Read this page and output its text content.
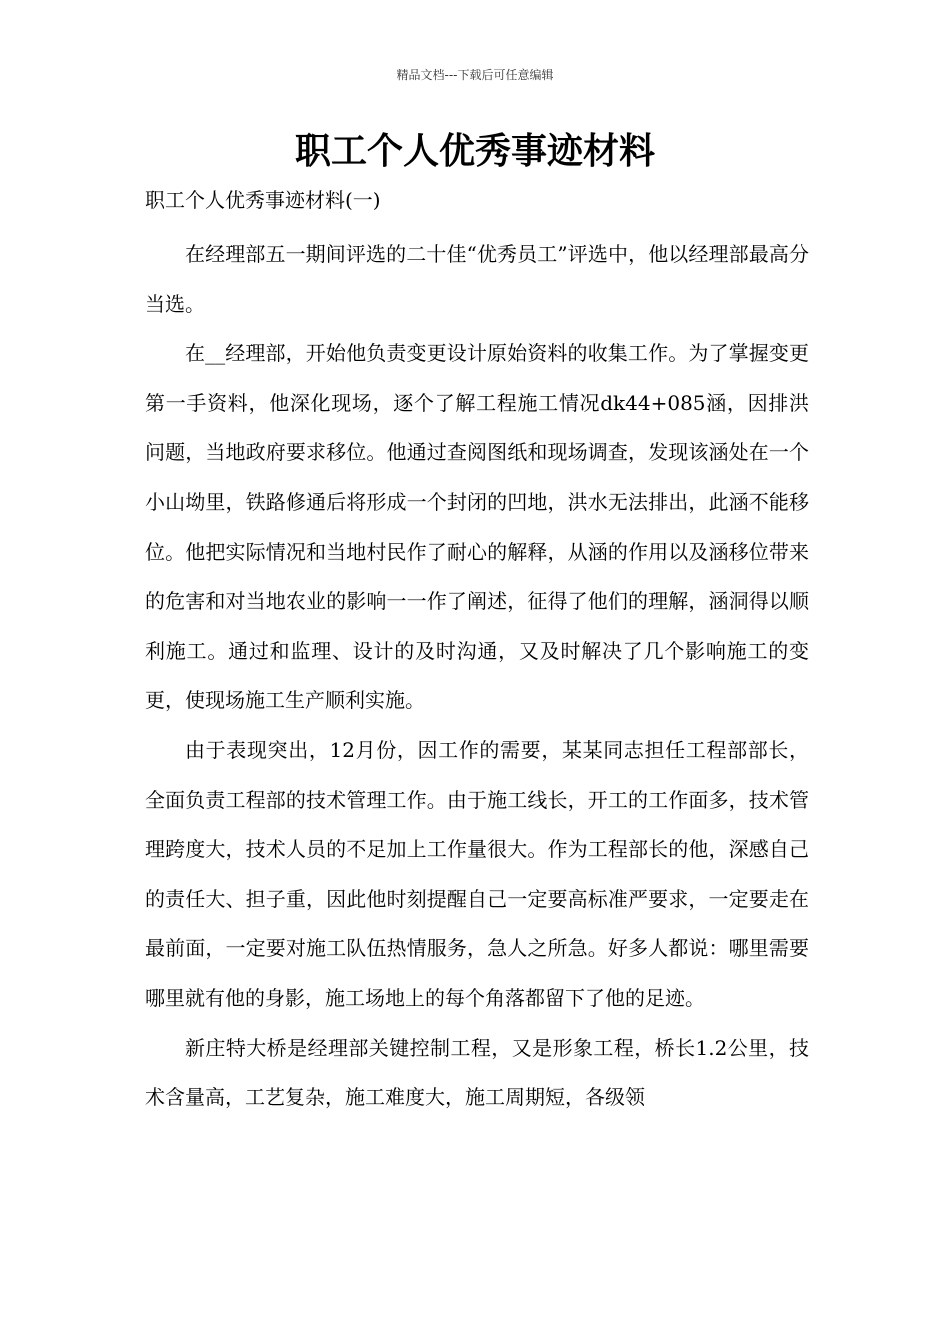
精品文档---下载后可任意编辑
职工个人优秀事迹材料
职工个人优秀事迹材料(一)

在经理部五一期间评选的二十佳“优秀员工”评选中，他以经理部最高分当选。

在__经理部，开始他负责变更设计原始资料的收集工作。为了掌握变更第一手资料，他深化现场，逐个了解工程施工情况dk44+085涵，因排洪问题，当地政府要求移位。他通过查阅图纸和现场调查，发现该涵处在一个小山坳里，铁路修通后将形成一个封闭的凹地，洪水无法排出，此涵不能移位。他把实际情况和当地村民作了耐心的解释，从涵的作用以及涵移位带来的危害和对当地农业的影响一一作了阐述，征得了他们的理解，涵洞得以顺利施工。通过和监理、设计的及时沟通，又及时解决了几个影响施工的变更，使现场施工生产顺利实施。

由于表现突出，12月份，因工作的需要，某某同志担任工程部部长，全面负责工程部的技术管理工作。由于施工线长，开工的工作面多，技术管理跨度大，技术人员的不足加上工作量很大。作为工程部长的他，深感自己的责任大、担子重，因此他时刻提醒自己一定要高标准严要求，一定要走在最前面，一定要对施工队伍热情服务，急人之所急。好多人都说：哪里需要哪里就有他的身影，施工场地上的每个角落都留下了他的足迹。

新庄特大桥是经理部关键控制工程，又是形象工程，桥长1.2公里，技术含量高，工艺复杂，施工难度大，施工周期短，各级领
